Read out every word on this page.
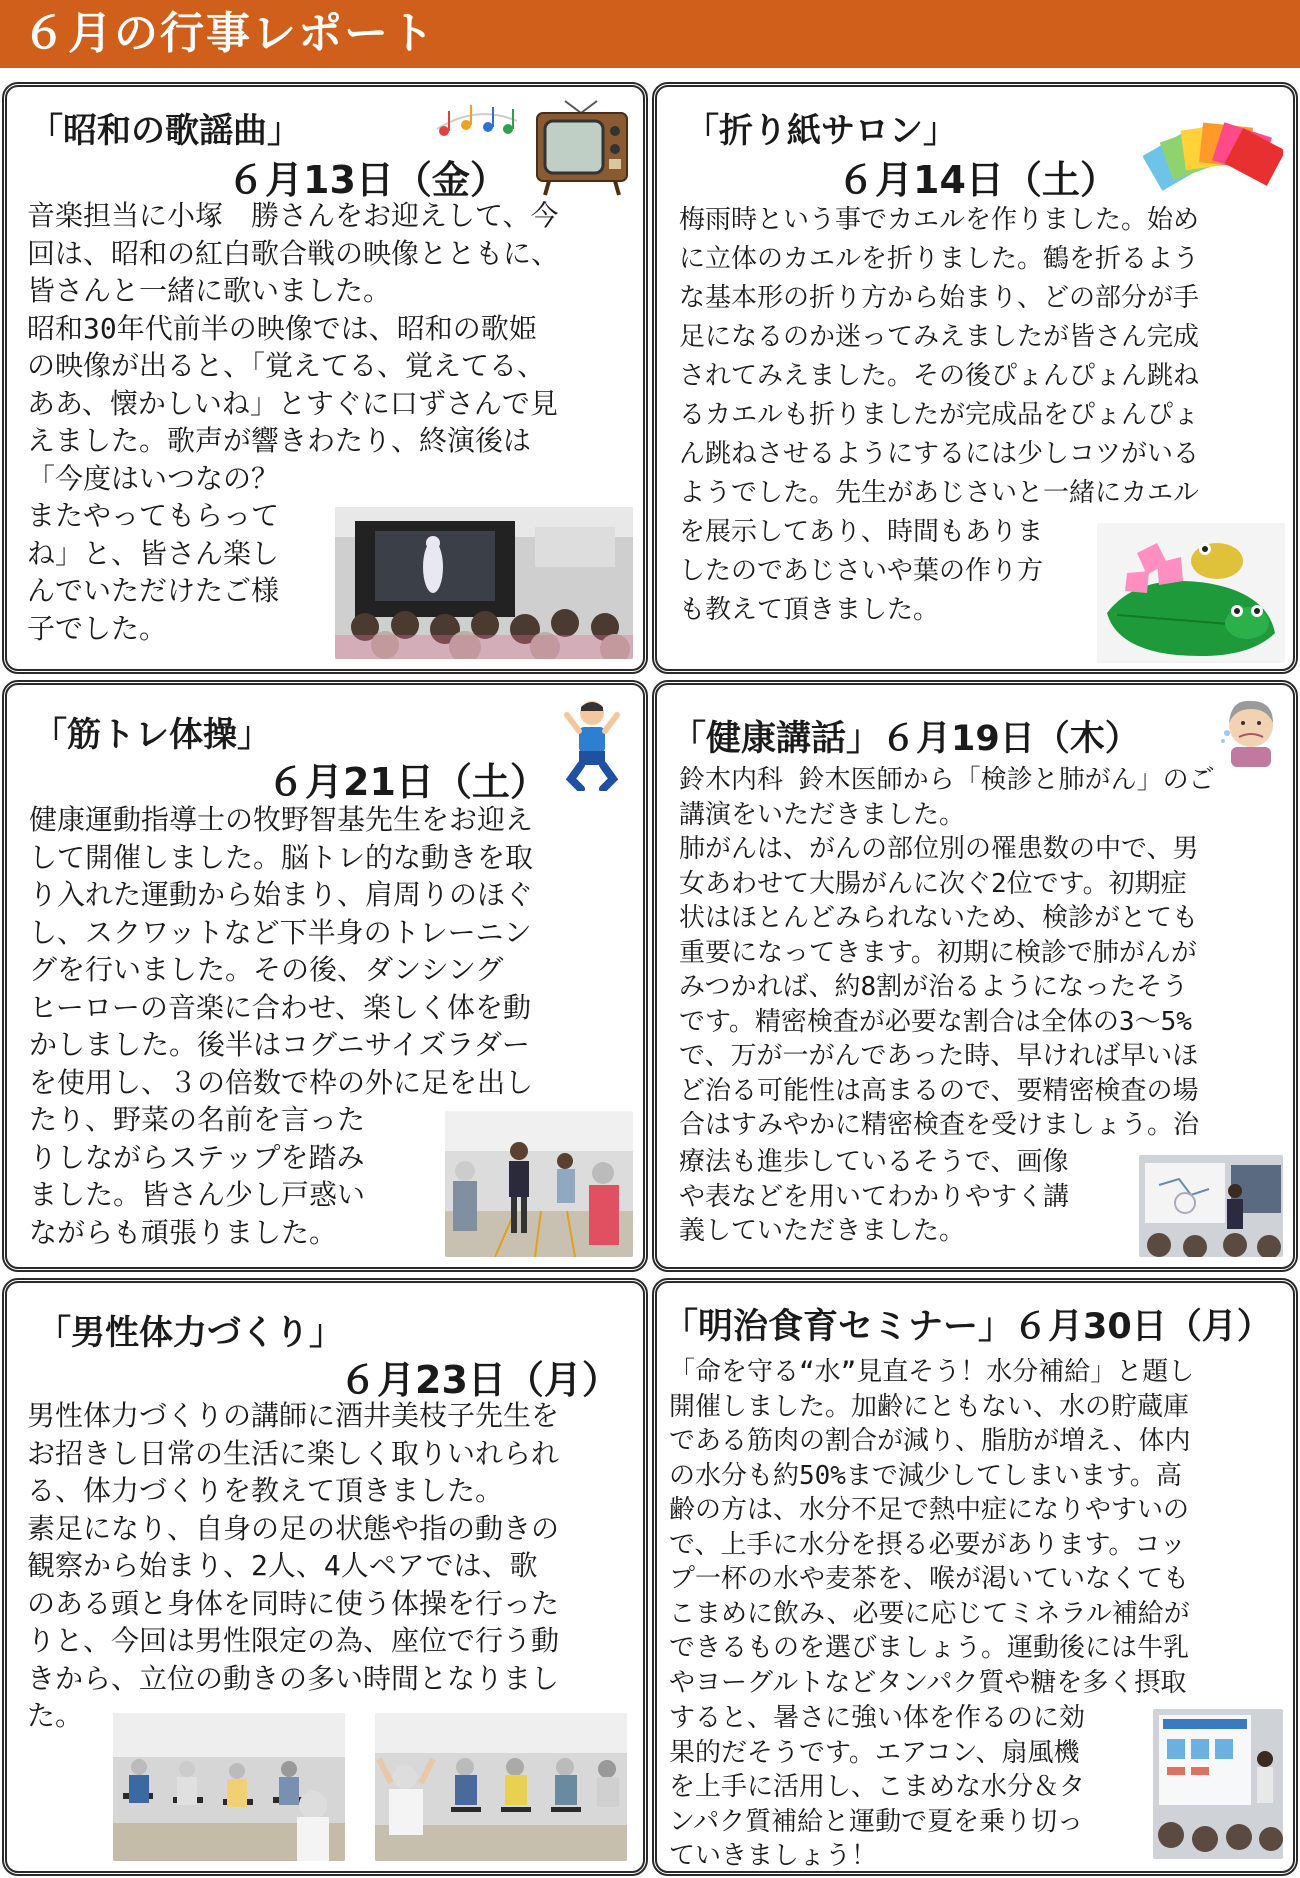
６月の行事レポート
「昭和の歌謡曲」
６月13日（金）
音楽担当に小塚　勝さんをお迎えして、今
回は、昭和の紅白歌合戦の映像とともに、
皆さんと一緒に歌いました。
昭和30年代前半の映像では、昭和の歌姫
の映像が出ると、「覚えてる、覚えてる、
ああ、懐かしいね」とすぐに口ずさんで見
えました。歌声が響きわたり、終演後は
「今度はいつなの？
またやってもらって
ね」と、皆さん楽し
んでいただけたご様
子でした。
「折り紙サロン」
６月14日（土）
梅雨時という事でカエルを作りました。始め
に立体のカエルを折りました。鶴を折るよう
な基本形の折り方から始まり、どの部分が手
足になるのか迷ってみえましたが皆さん完成
されてみえました。その後ぴょんぴょん跳ね
るカエルも折りましたが完成品をぴょんぴょ
ん跳ねさせるようにするには少しコツがいる
ようでした。先生があじさいと一緒にカエル
を展示してあり、時間もありま
したのであじさいや葉の作り方
も教えて頂きました。
「筋トレ体操」
６月21日（土）
健康運動指導士の牧野智基先生をお迎え
して開催しました。脳トレ的な動きを取
り入れた運動から始まり、肩周りのほぐ
し、スクワットなど下半身のトレーニン
グを行いました。その後、ダンシング
ヒーローの音楽に合わせ、楽しく体を動
かしました。後半はコグニサイズラダー
を使用し、３の倍数で枠の外に足を出し
たり、野菜の名前を言った
りしながらステップを踏み
ました。皆さん少し戸惑い
ながらも頑張りました。
「健康講話」６月19日（木）
鈴木内科 鈴木医師から「検診と肺がん」のご
講演をいただきました。
肺がんは、がんの部位別の罹患数の中で、男
女あわせて大腸がんに次ぐ2位です。初期症
状はほとんどみられないため、検診がとても
重要になってきます。初期に検診で肺がんが
みつかれば、約8割が治るようになったそう
です。精密検査が必要な割合は全体の3～5%
で、万が一がんであった時、早ければ早いほ
ど治る可能性は高まるので、要精密検査の場
合はすみやかに精密検査を受けましょう。治
療法も進歩しているそうで、画像
や表などを用いてわかりやすく講
義していただきました。
「男性体力づくり」
６月23日（月）
男性体力づくりの講師に酒井美枝子先生を
お招きし日常の生活に楽しく取りいれられ
る、体力づくりを教えて頂きました。
素足になり、自身の足の状態や指の動きの
観察から始まり、2人、4人ペアでは、歌
のある頭と身体を同時に使う体操を行った
りと、今回は男性限定の為、座位で行う動
きから、立位の動きの多い時間となりまし
た。
「明治食育セミナー」６月30日（月）
「命を守る“水”見直そう！水分補給」と題し
開催しました。加齢にともない、水の貯蔵庫
である筋肉の割合が減り、脂肪が増え、体内
の水分も約50%まで減少してしまいます。高
齢の方は、水分不足で熱中症になりやすいの
で、上手に水分を摂る必要があります。コッ
プ一杯の水や麦茶を、喉が渇いていなくても
こまめに飲み、必要に応じてミネラル補給が
できるものを選びましょう。運動後には牛乳
やヨーグルトなどタンパク質や糖を多く摂取
すると、暑さに強い体を作るのに効
果的だそうです。エアコン、扇風機
を上手に活用し、こまめな水分＆タ
ンパク質補給と運動で夏を乗り切っ
ていきましょう！
